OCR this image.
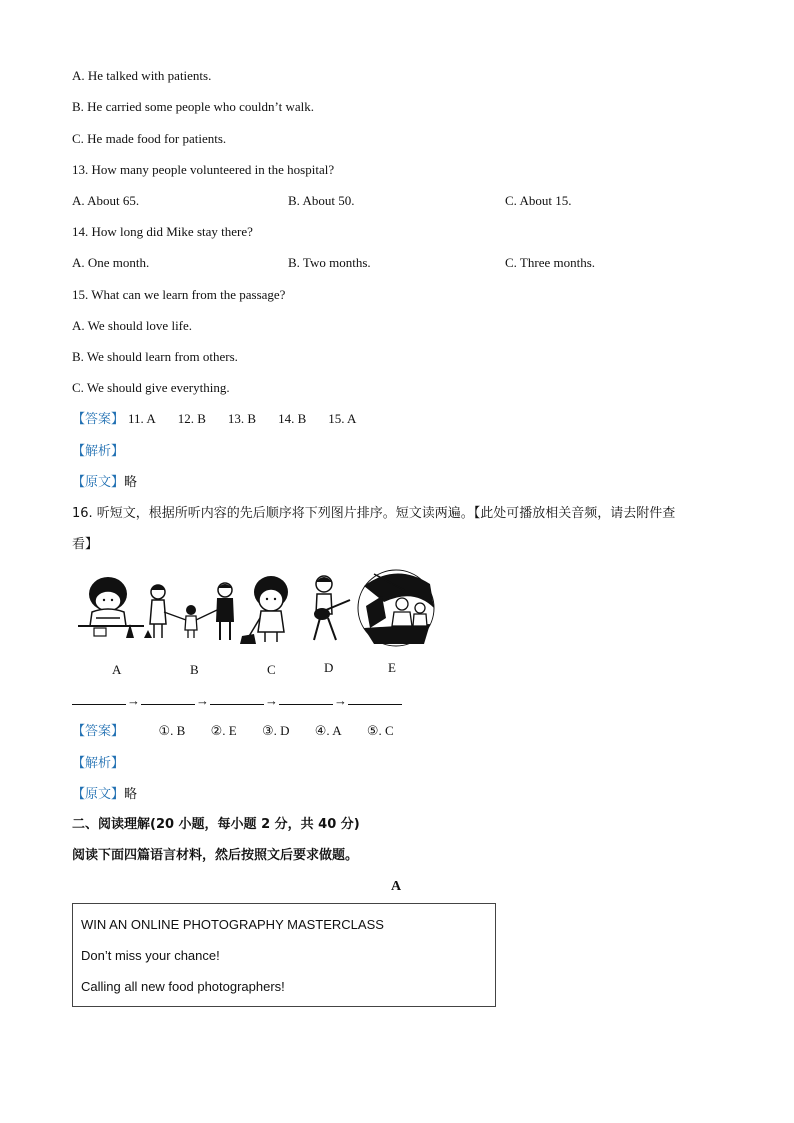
A. He talked with patients.
B. He carried some people who couldn’t walk.
C. He made food for patients.
13. How many people volunteered in the hospital?
A. About 65.	B. About 50.	C. About 15.
14. How long did Mike stay there?
A. One month.	B. Two months.	C. Three months.
15. What can we learn from the passage?
A. We should love life.
B. We should learn from others.
C. We should give everything.
【答案】 11. A 12. B 13. B 14. B 15. A
【解析】
【原文】略
16. 听短文，根据所听内容的先后顺序将下列图片排序。短文读两遍。【此处可播放相关音频，请去附件查
看】
A	B	C	D	E
→	→	→	→
【答案】	①. B ②. E ③. D ④. A ⑤. C
【解析】
【原文】略
二、阅读理解(20 小题，每小题 2 分，共 40 分)
阅读下面四篇语言材料，然后按照文后要求做题。
A
WIN AN ONLINE PHOTOGRAPHY MASTERCLASS
Don’t miss your chance!
Calling all new food photographers!
